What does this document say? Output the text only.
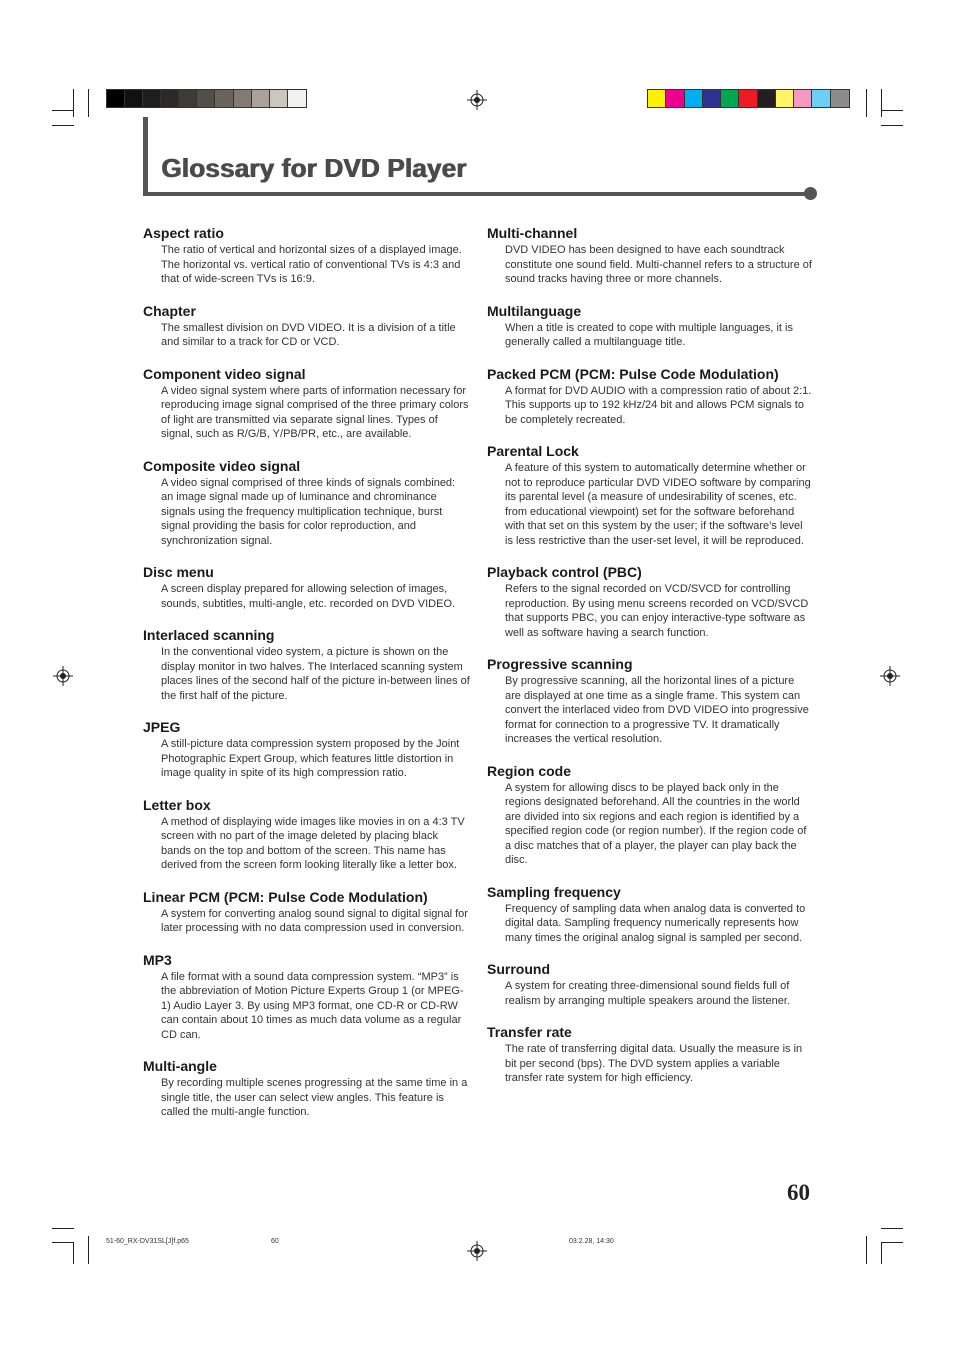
Glossary for DVD Player
Aspect ratio

The ratio of vertical and horizontal sizes of a displayed image. The horizontal vs. vertical ratio of conventional TVs is 4:3 and that of wide-screen TVs is 16:9.

Chapter

The smallest division on DVD VIDEO. It is a division of a title and similar to a track for CD or VCD.

Component video signal

A video signal system where parts of information necessary for reproducing image signal comprised of the three primary colors of light are transmitted via separate signal lines. Types of signal, such as R/G/B, Y/PB/PR, etc., are available.

Composite video signal

A video signal comprised of three kinds of signals combined: an image signal made up of luminance and chrominance signals using the frequency multiplication technique, burst signal providing the basis for color reproduction, and synchronization signal.

Disc menu

A screen display prepared for allowing selection of images, sounds, subtitles, multi-angle, etc. recorded on DVD VIDEO.

Interlaced scanning

In the conventional video system, a picture is shown on the display monitor in two halves. The Interlaced scanning system places lines of the second half of the picture in-between lines of the first half of the picture.

JPEG

A still-picture data compression system proposed by the Joint Photographic Expert Group, which features little distortion in image quality in spite of its high compression ratio.

Letter box

A method of displaying wide images like movies in on a 4:3 TV screen with no part of the image deleted by placing black bands on the top and bottom of the screen. This name has derived from the screen form looking literally like a letter box.

Linear PCM (PCM: Pulse Code Modulation)

A system for converting analog sound signal to digital signal for later processing with no data compression used in conversion.

MP3

A file format with a sound data compression system. “MP3” is the abbreviation of Motion Picture Experts Group 1 (or MPEG-1) Audio Layer 3. By using MP3 format, one CD-R or CD-RW can contain about 10 times as much data volume as a regular CD can.

Multi-angle

By recording multiple scenes progressing at the same time in a single title, the user can select view angles. This feature is called the multi-angle function.

Multi-channel

DVD VIDEO has been designed to have each soundtrack constitute one sound field. Multi-channel refers to a structure of sound tracks having three or more channels.

Multilanguage

When a title is created to cope with multiple languages, it is generally called a multilanguage title.

Packed PCM (PCM: Pulse Code Modulation)

A format for DVD AUDIO with a compression ratio of about 2:1. This supports up to 192 kHz/24 bit and allows PCM signals to be completely recreated.

Parental Lock

A feature of this system to automatically determine whether or not to reproduce particular DVD VIDEO software by comparing its parental level (a measure of undesirability of scenes, etc. from educational viewpoint) set for the software beforehand with that set on this system by the user; if the software’s level is less restrictive than the user-set level, it will be reproduced.

Playback control (PBC)

Refers to the signal recorded on VCD/SVCD for controlling reproduction. By using menu screens recorded on VCD/SVCD that supports PBC, you can enjoy interactive-type software as well as software having a search function.

Progressive scanning

By progressive scanning, all the horizontal lines of a picture are displayed at one time as a single frame. This system can convert the interlaced video from DVD VIDEO into progressive format for connection to a progressive TV. It dramatically increases the vertical resolution.

Region code

A system for allowing discs to be played back only in the regions designated beforehand. All the countries in the world are divided into six regions and each region is identified by a specified region code (or region number). If the region code of a disc matches that of a player, the player can play back the disc.

Sampling frequency

Frequency of sampling data when analog data is converted to digital data. Sampling frequency numerically represents how many times the original analog signal is sampled per second.

Surround

A system for creating three-dimensional sound fields full of realism by arranging multiple speakers around the listener.

Transfer rate

The rate of transferring digital data. Usually the measure is in bit per second (bps). The DVD system applies a variable transfer rate system for high efficiency.

60
51-60_RX-DV31SL[J]f.p65	60	03.2.28, 14:30
